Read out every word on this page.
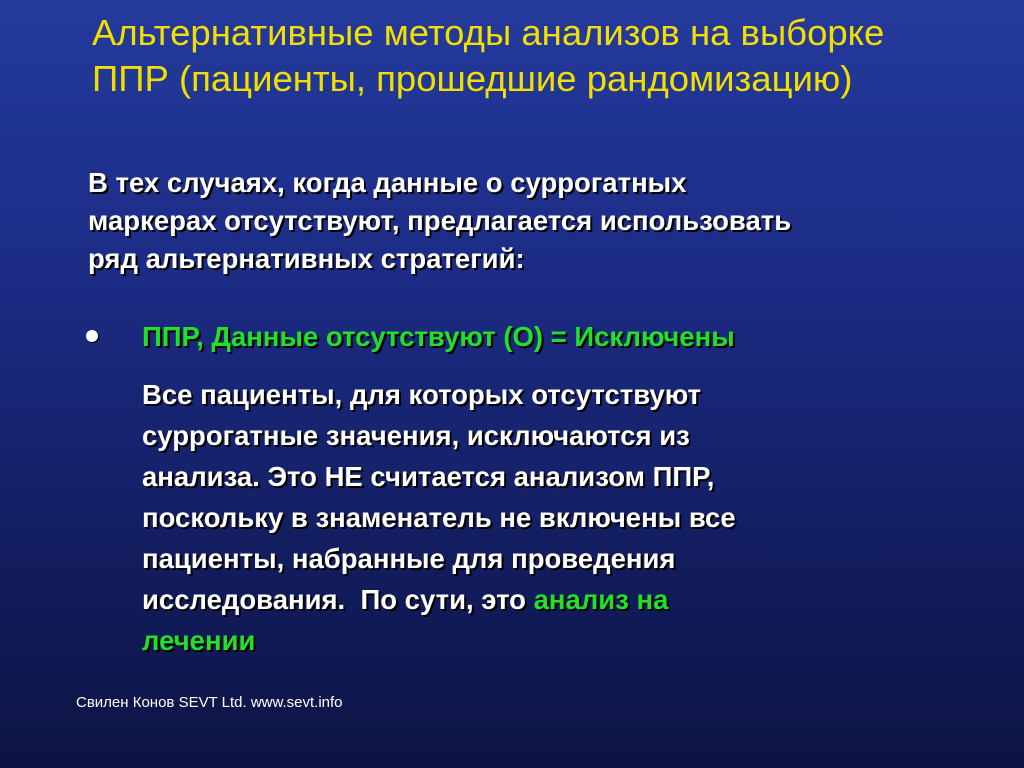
Альтернативные методы анализов на выборке
ППР (пациенты, прошедшие рандомизацию)
В тех случаях, когда данные о суррогатных
маркерах отсутствуют, предлагается использовать
ряд альтернативных стратегий:

ППР, Данные отсутствуют (О) = Исключены

Все пациенты, для которых отсутствуют
суррогатные значения, исключаются из
анализа. Это НЕ считается анализом ППР,
поскольку в знаменатель не включены все
пациенты, набранные для проведения
исследования.  По сути, это анализ на
лечении
Свилен Конов SEVT Ltd. www.sevt.info
